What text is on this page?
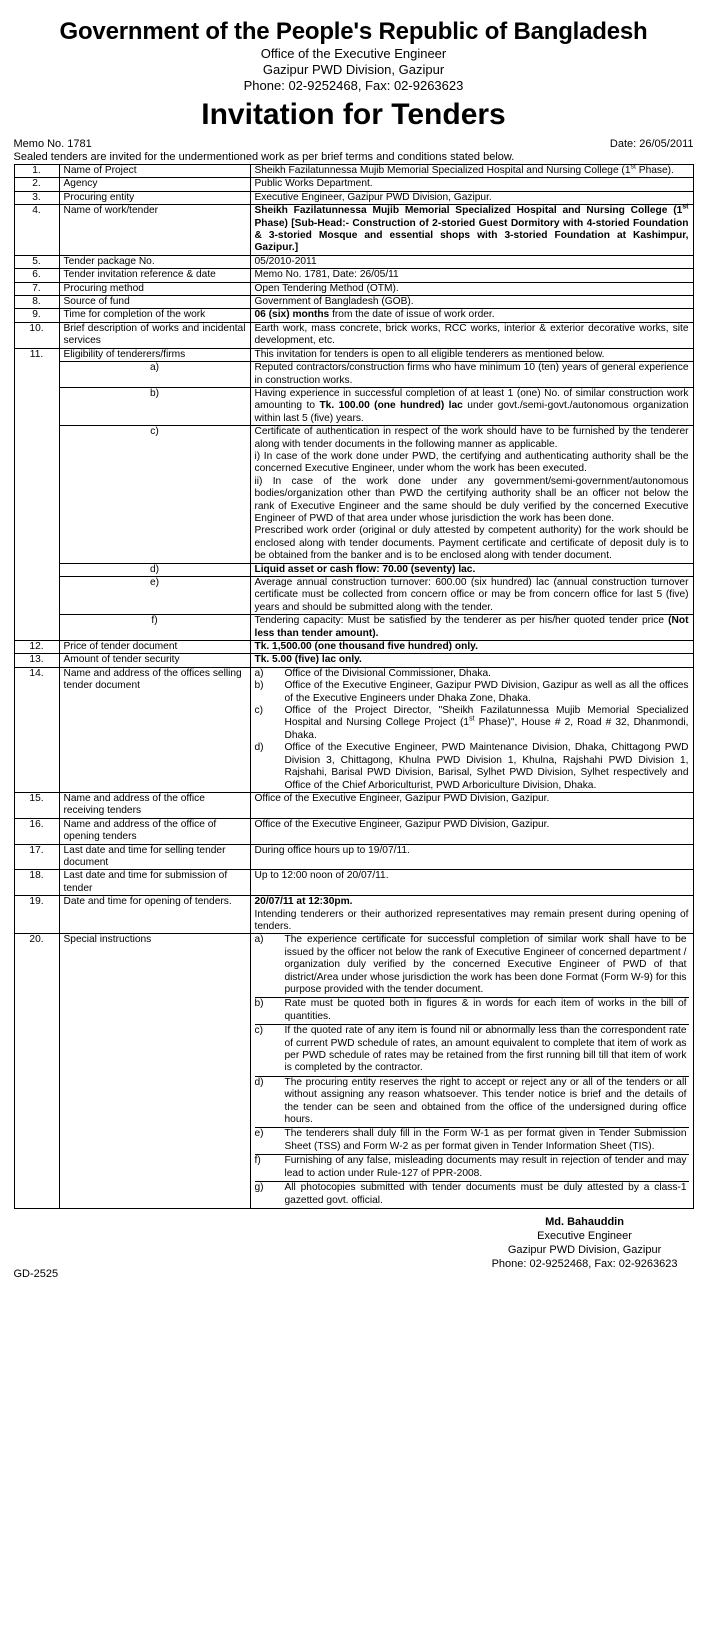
Government of the People's Republic of Bangladesh
Office of the Executive Engineer
Gazipur PWD Division, Gazipur
Phone: 02-9252468, Fax: 02-9263623
Invitation for Tenders
Memo No. 1781	Date: 26/05/2011
Sealed tenders are invited for the undermentioned work as per brief terms and conditions stated below.
1.	Name of Project	Sheikh Fazilatunnessa Mujib Memorial Specialized Hospital and Nursing College (1st Phase).
2.	Agency	Public Works Department.
3.	Procuring entity	Executive Engineer, Gazipur PWD Division, Gazipur.
4.	Name of work/tender	Sheikh Fazilatunnessa Mujib Memorial Specialized Hospital and Nursing College (1st Phase) [Sub-Head:- Construction of 2-storied Guest Dormitory with 4-storied Foundation & 3-storied Mosque and essential shops with 3-storied Foundation at Kashimpur, Gazipur.]
5.	Tender package No.	05/2010-2011
6.	Tender invitation reference & date	Memo No. 1781, Date: 26/05/11
7.	Procuring method	Open Tendering Method (OTM).
8.	Source of fund	Government of Bangladesh (GOB).
9.	Time for completion of the work	06 (six) months from the date of issue of work order.
10.	Brief description of works and incidental services	Earth work, mass concrete, brick works, RCC works, interior & exterior decorative works, site development, etc.
11.	Eligibility of tenderers/firms	This invitation for tenders is open to all eligible tenderers as mentioned below.
a)	Reputed contractors/construction firms who have minimum 10 (ten) years of general experience in construction works.
b)	Having experience in successful completion of at least 1 (one) No. of similar construction work amounting to Tk. 100.00 (one hundred) lac under govt./semi-govt./autonomous organization within last 5 (five) years.
c)	Certificate of authentication in respect of the work should have to be furnished by the tenderer along with tender documents in the following manner as applicable.
i) In case of the work done under PWD, the certifying and authenticating authority shall be the concerned Executive Engineer, under whom the work has been executed.
ii) In case of the work done under any government/semi-government/autonomous bodies/organization other than PWD the certifying authority shall be an officer not below the rank of Executive Engineer and the same should be duly verified by the concerned Executive Engineer of PWD of that area under whose jurisdiction the work has been done.
Prescribed work order (original or duly attested by competent authority) for the work should be enclosed along with tender documents. Payment certificate and certificate of deposit duly is to be obtained from the banker and is to be enclosed along with tender document.

d)	Liquid asset or cash flow: 70.00 (seventy) lac.
e)	Average annual construction turnover: 600.00 (six hundred) lac (annual construction turnover certificate must be collected from concern office or may be from concern office for last 5 (five) years and should be submitted along with the tender.
f)	Tendering capacity: Must be satisfied by the tenderer as per his/her quoted tender price (Not less than tender amount).
12.	Price of tender document	Tk. 1,500.00 (one thousand five hundred) only.
13.	Amount of tender security	Tk. 5.00 (five) lac only.
14.	Name and address of the offices selling tender document	
a)	Office of the Divisional Commissioner, Dhaka.
b)	Office of the Executive Engineer, Gazipur PWD Division, Gazipur as well as all the offices of the Executive Engineers under Dhaka Zone, Dhaka.
c)	Office of the Project Director, "Sheikh Fazilatunnessa Mujib Memorial Specialized Hospital and Nursing College Project (1st Phase)", House # 2, Road # 32, Dhanmondi, Dhaka.
d)	Office of the Executive Engineer, PWD Maintenance Division, Dhaka, Chittagong PWD Division 3, Chittagong, Khulna PWD Division 1, Khulna, Rajshahi PWD Division 1, Rajshahi, Barisal PWD Division, Barisal, Sylhet PWD Division, Sylhet respectively and Office of the Chief Arboriculturist, PWD Arboriculture Division, Dhaka.

15.	Name and address of the office receiving tenders	Office of the Executive Engineer, Gazipur PWD Division, Gazipur.
16.	Name and address of the office of opening tenders	Office of the Executive Engineer, Gazipur PWD Division, Gazipur.
17.	Last date and time for selling tender document	During office hours up to 19/07/11.
18.	Last date and time for submission of tender	Up to 12:00 noon of 20/07/11.
19.	Date and time for opening of tenders.	20/07/11 at 12:30pm.
Intending tenderers or their authorized representatives may remain present during opening of tenders.

20.	Special instructions		a)	The experience certificate for successful completion of similar work shall have to be issued by the officer not below the rank of Executive Engineer of concerned department / organization duly verified by the concerned Executive Engineer of PWD of that district/Area under whose jurisdiction the work has been done Format (Form W-9) for this purpose provided with the tender document.
b)	Rate must be quoted both in figures & in words for each item of works in the bill of quantities.
c)	If the quoted rate of any item is found nil or abnormally less than the correspondent rate of current PWD schedule of rates, an amount equivalent to complete that item of work as per PWD schedule of rates may be retained from the first running bill till that item of work is completed by the contractor.
d)	The procuring entity reserves the right to accept or reject any or all of the tenders or all without assigning any reason whatsoever. This tender notice is brief and the details of the tender can be seen and obtained from the office of the undersigned during office hours.
e)	The tenderers shall duly fill in the Form W-1 as per format given in Tender Submission Sheet (TSS) and Form W-2 as per format given in Tender Information Sheet (TIS).
f)	Furnishing of any false, misleading documents may result in rejection of tender and may lead to action under Rule-127 of PPR-2008.
g)	All photocopies submitted with tender documents must be duly attested by a class-1 gazetted govt. official.
Md. Bahauddin
Executive Engineer
Gazipur PWD Division, Gazipur
Phone: 02-9252468, Fax: 02-9263623
GD-2525
